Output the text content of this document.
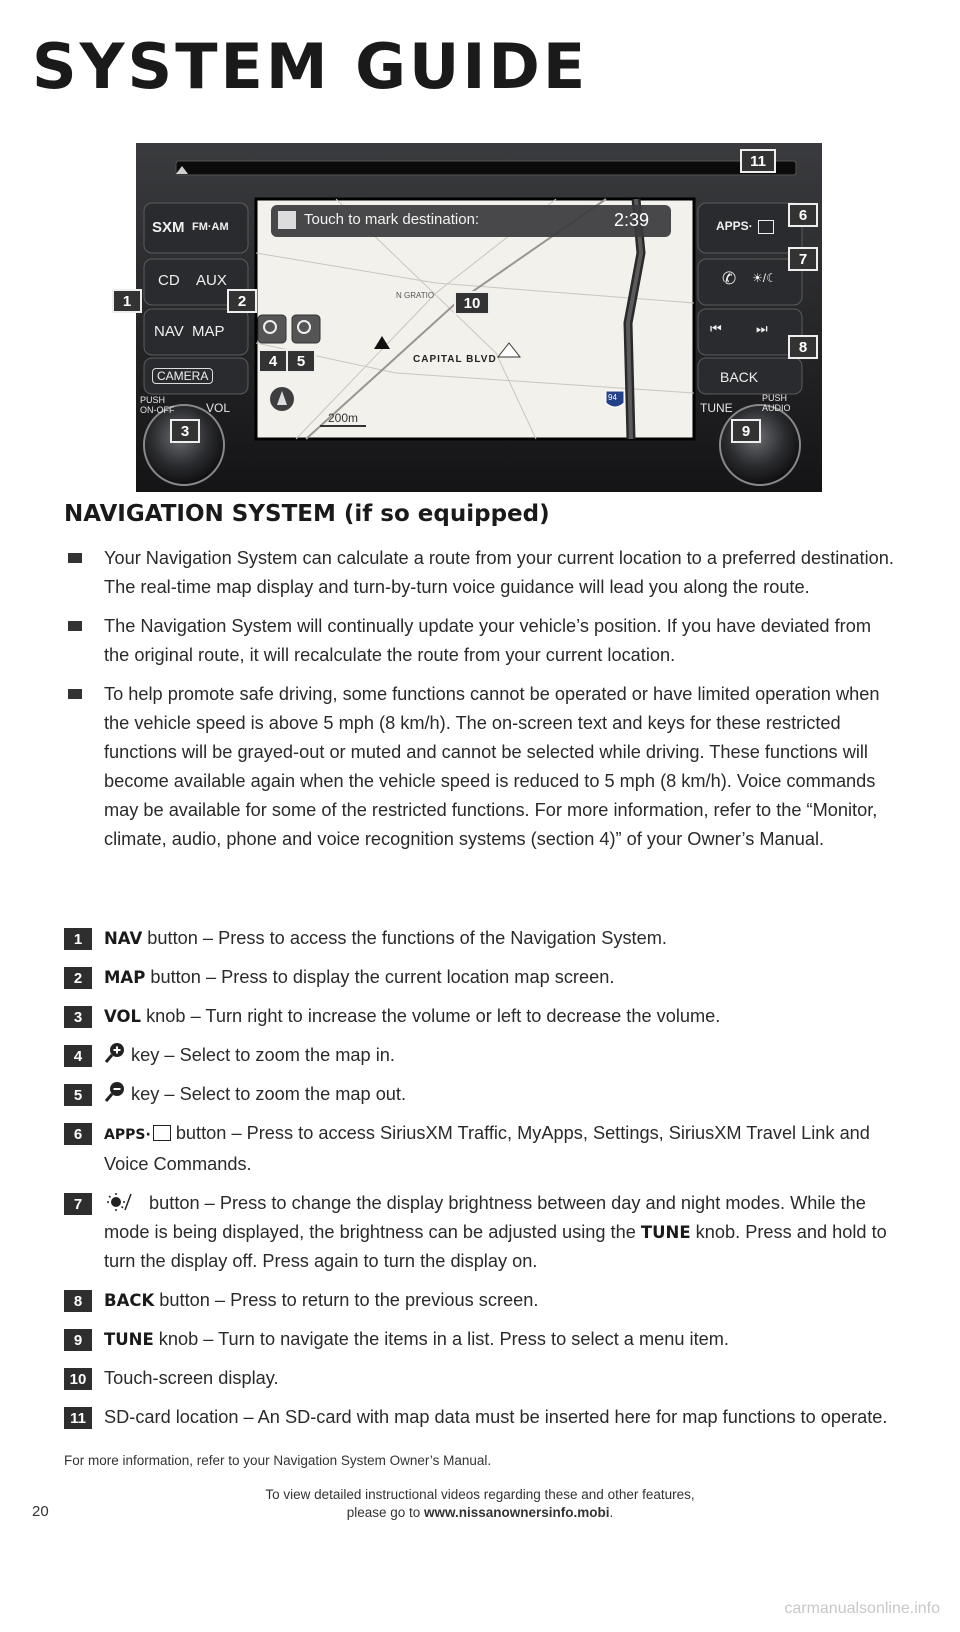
SYSTEM GUIDE
SXM FM·AM
CD AUX
NAV MAP
CAMERA
PUSH ON-OFF	VOL
Touch to mark destination:	2:39
N GRATIO
CAPITAL BLVD
200m
94
APPS·
✆ ☀/☾
⏮	⏭
BACK
TUNE
PUSH AUDIO
1	2
3
4	5
6
7
8
9
10
11
NAVIGATION SYSTEM (if so equipped)
Your Navigation System can calculate a route from your current location to a preferred destination. The real-time map display and turn-by-turn voice guidance will lead you along the route.
The Navigation System will continually update your vehicle’s position. If you have deviated from the original route, it will recalculate the route from your current location.
To help promote safe driving, some functions cannot be operated or have limited operation when the vehicle speed is above 5 mph (8 km/h). The on-screen text and keys for these restricted functions will be grayed-out or muted and cannot be selected while driving. These functions will become available again when the vehicle speed is reduced to 5 mph (8 km/h). Voice commands may be available for some of the restricted functions. For more information, refer to the “Monitor, climate, audio, phone and voice recognition systems (section 4)” of your Owner’s Manual.
1	NAV button – Press to access the functions of the Navigation System.
2	MAP button – Press to display the current location map screen.
3	VOL knob – Turn right to increase the volume or left to decrease the volume.
4	key – Select to zoom the map in.
5	key – Select to zoom the map out.
6	APPS· button – Press to access SiriusXM Traffic, MyApps, Settings, SiriusXM Travel Link and Voice Commands.
7	button – Press to change the display brightness between day and night modes. While the mode is being displayed, the brightness can be adjusted using the TUNE knob. Press and hold to turn the display off. Press again to turn the display on.
8	BACK button – Press to return to the previous screen.
9	TUNE knob – Turn to navigate the items in a list. Press to select a menu item.
10 Touch-screen display.
11 SD-card location – An SD-card with map data must be inserted here for map functions to operate.

For more information, refer to your Navigation System Owner’s Manual.

20
To view detailed instructional videos regarding these and other features,
please go to www.nissanownersinfo.mobi.
carmanualsonline.info
